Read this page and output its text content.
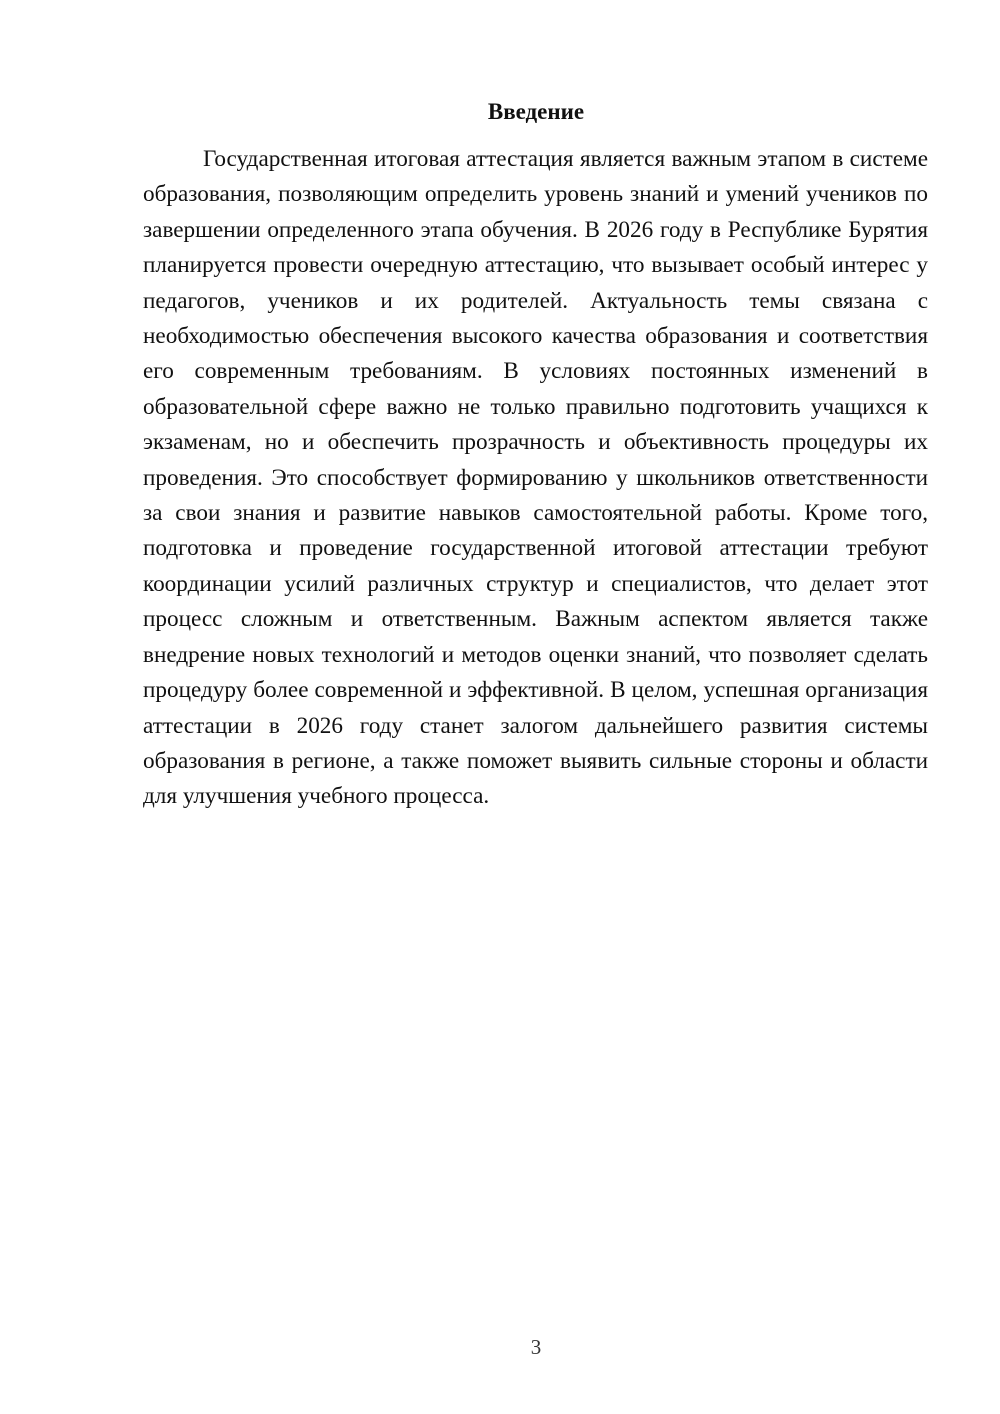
Введение

Государственная итоговая аттестация является важным этапом в системе образования, позволяющим определить уровень знаний и умений учеников по завершении определенного этапа обучения. В 2026 году в Республике Бурятия планируется провести очередную аттестацию, что вызывает особый интерес у педагогов, учеников и их родителей. Актуальность темы связана с необходимостью обеспечения высокого качества образования и соответствия его современным требованиям. В условиях постоянных изменений в образовательной сфере важно не только правильно подготовить учащихся к экзаменам, но и обеспечить прозрачность и объективность процедуры их проведения. Это способствует формированию у школьников ответственности за свои знания и развитие навыков самостоятельной работы. Кроме того, подготовка и проведение государственной итоговой аттестации требуют координации усилий различных структур и специалистов, что делает этот процесс сложным и ответственным. Важным аспектом является также внедрение новых технологий и методов оценки знаний, что позволяет сделать процедуру более современной и эффективной. В целом, успешная организация аттестации в 2026 году станет залогом дальнейшего развития системы образования в регионе, а также поможет выявить сильные стороны и области для улучшения учебного процесса.

3
